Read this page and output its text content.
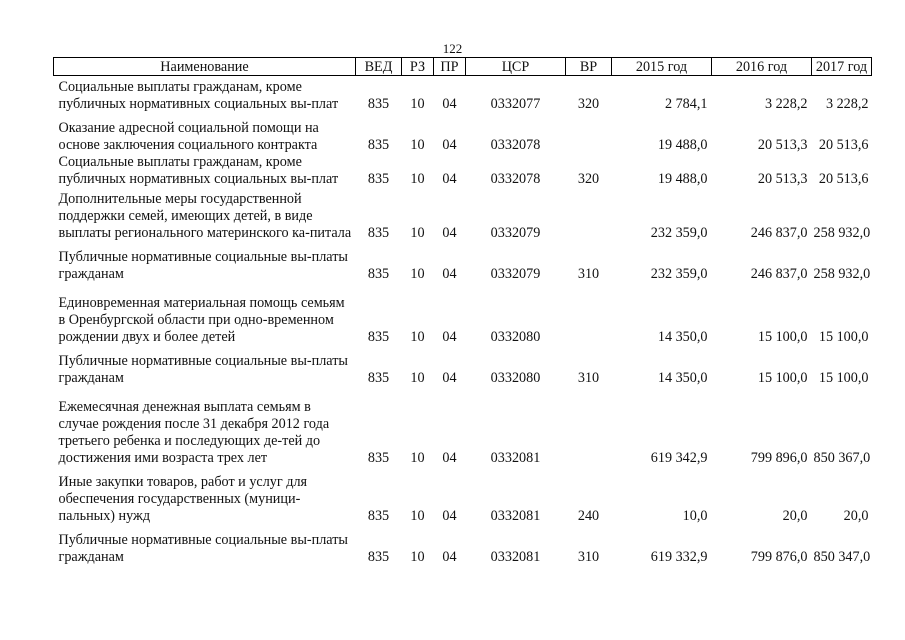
122
Наименование	ВЕД	РЗ	ПР	ЦСР	ВР	2015 год	2016 год	2017 год
Социальные выплаты гражданам, кроме публичных нормативных социальных вы-плат	835	10	04	0332077	320	2 784,1	3 228,2	3 228,2
Оказание адресной социальной помощи на основе заключения социального контракта	835	10	04	0332078		19 488,0	20 513,3	20 513,6
Социальные выплаты гражданам, кроме публичных нормативных социальных вы-плат	835	10	04	0332078	320	19 488,0	20 513,3	20 513,6
Дополнительные меры государственной поддержки семей, имеющих детей, в виде выплаты регионального материнского ка-питала	835	10	04	0332079		232 359,0	246 837,0	258 932,0
Публичные нормативные социальные вы-платы гражданам	835	10	04	0332079	310	232 359,0	246 837,0	258 932,0
Единовременная материальная помощь семьям в Оренбургской области при одно-временном рождении двух и более детей	835	10	04	0332080		14 350,0	15 100,0	15 100,0
Публичные нормативные социальные вы-платы гражданам	835	10	04	0332080	310	14 350,0	15 100,0	15 100,0
Ежемесячная денежная выплата семьям в случае рождения после 31 декабря 2012 года третьего ребенка и последующих де-тей до достижения ими возраста трех лет	835	10	04	0332081		619 342,9	799 896,0	850 367,0
Иные закупки товаров, работ и услуг для обеспечения государственных (муници-пальных) нужд	835	10	04	0332081	240	10,0	20,0	20,0
Публичные нормативные социальные вы-платы гражданам	835	10	04	0332081	310	619 332,9	799 876,0	850 347,0
